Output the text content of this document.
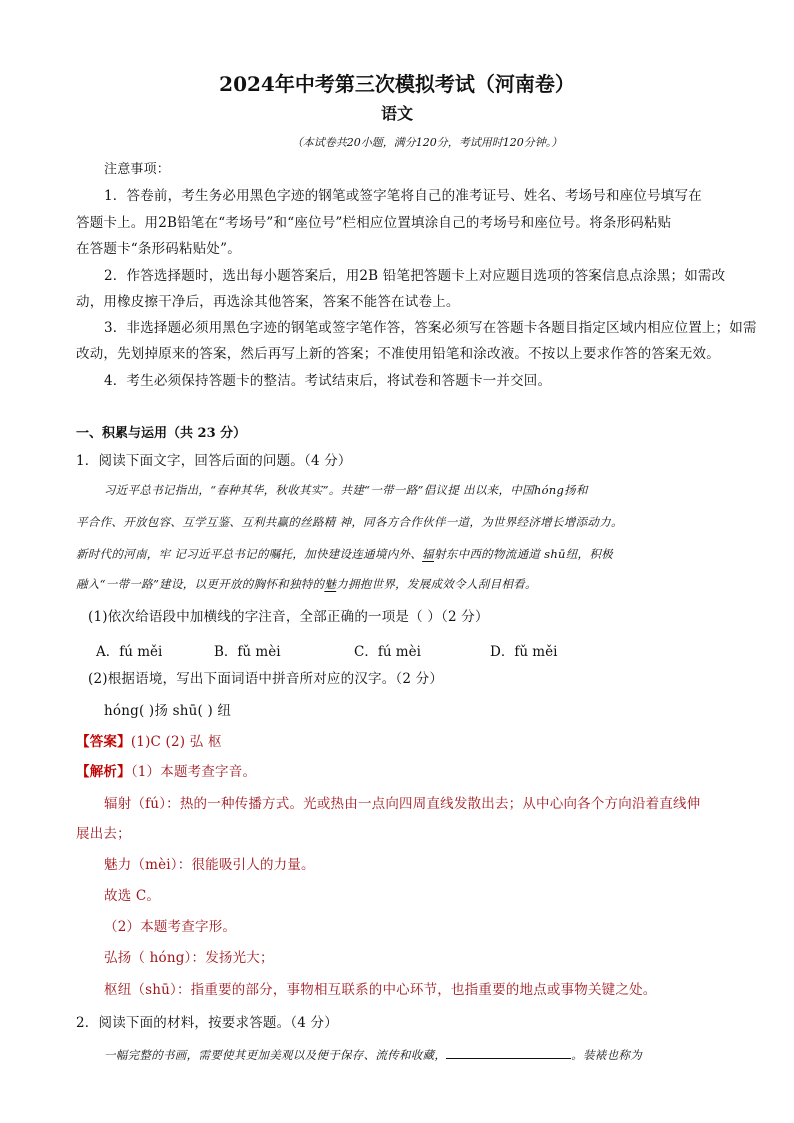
2024年中考第三次模拟考试（河南卷）
语文
（本试卷共20小题，满分120分，考试用时120分钟。）
注意事项：
1．答卷前，考生务必用黑色字迹的钢笔或签字笔将自己的准考证号、姓名、考场号和座位号填写在
答题卡上。用2B铅笔在“考场号”和“座位号”栏相应位置填涂自己的考场号和座位号。将条形码粘贴
在答题卡“条形码粘贴处”。
2．作答选择题时，选出每小题答案后，用2B 铅笔把答题卡上对应题目选项的答案信息点涂黑；如需改
动，用橡皮擦干净后，再选涂其他答案，答案不能答在试卷上。
3．非选择题必须用黑色字迹的钢笔或签字笔作答，答案必须写在答题卡各题目指定区域内相应位置上；如需
改动，先划掉原来的答案，然后再写上新的答案；不准使用铅笔和涂改液。不按以上要求作答的答案无效。
4．考生必须保持答题卡的整洁。考试结束后，将试卷和答题卡一并交回。
一、积累与运用（共 23 分）
1．阅读下面文字，回答后面的问题。（4 分）
习近平总书记指出，“春种其华，秋收其实”。共建“一带一路”倡议提 出以来，中国hóng扬和
平合作、开放包容、互学互鉴、互利共赢的丝路精 神，同各方合作伙伴一道，为世界经济增长增添动力。
新时代的河南，牢 记习近平总书记的嘱托，加快建设连通境内外、辐射东中西的物流通道 shū纽，积极
融入“一带一路”建设，以更开放的胸怀和独特的魅力拥抱世界，发展成效令人刮目相看。
(1)依次给语段中加横线的字注音，全部正确的一项是（ ）（2 分）
A．fú měi	B．fǔ mèi	C．fú mèi	D．fǔ měi
(2)根据语境，写出下面词语中拼音所对应的汉字。（2 分）
hóng( )扬 shū( ) 纽
【答案】(1)C (2) 弘 枢
【解析】（1）本题考查字音。
辐射（fú）：热的一种传播方式。光或热由一点向四周直线发散出去；从中心向各个方向沿着直线伸
展出去；
魅力（mèi）：很能吸引人的力量。
故选 C。
（2）本题考查字形。
弘扬（ hóng）：发扬光大；
枢纽（shū）：指重要的部分，事物相互联系的中心环节，也指重要的地点或事物关键之处。
2．阅读下面的材料，按要求答题。（4 分）
一幅完整的书画，需要使其更加美观以及便于保存、流传和收藏，	。装裱也称为
